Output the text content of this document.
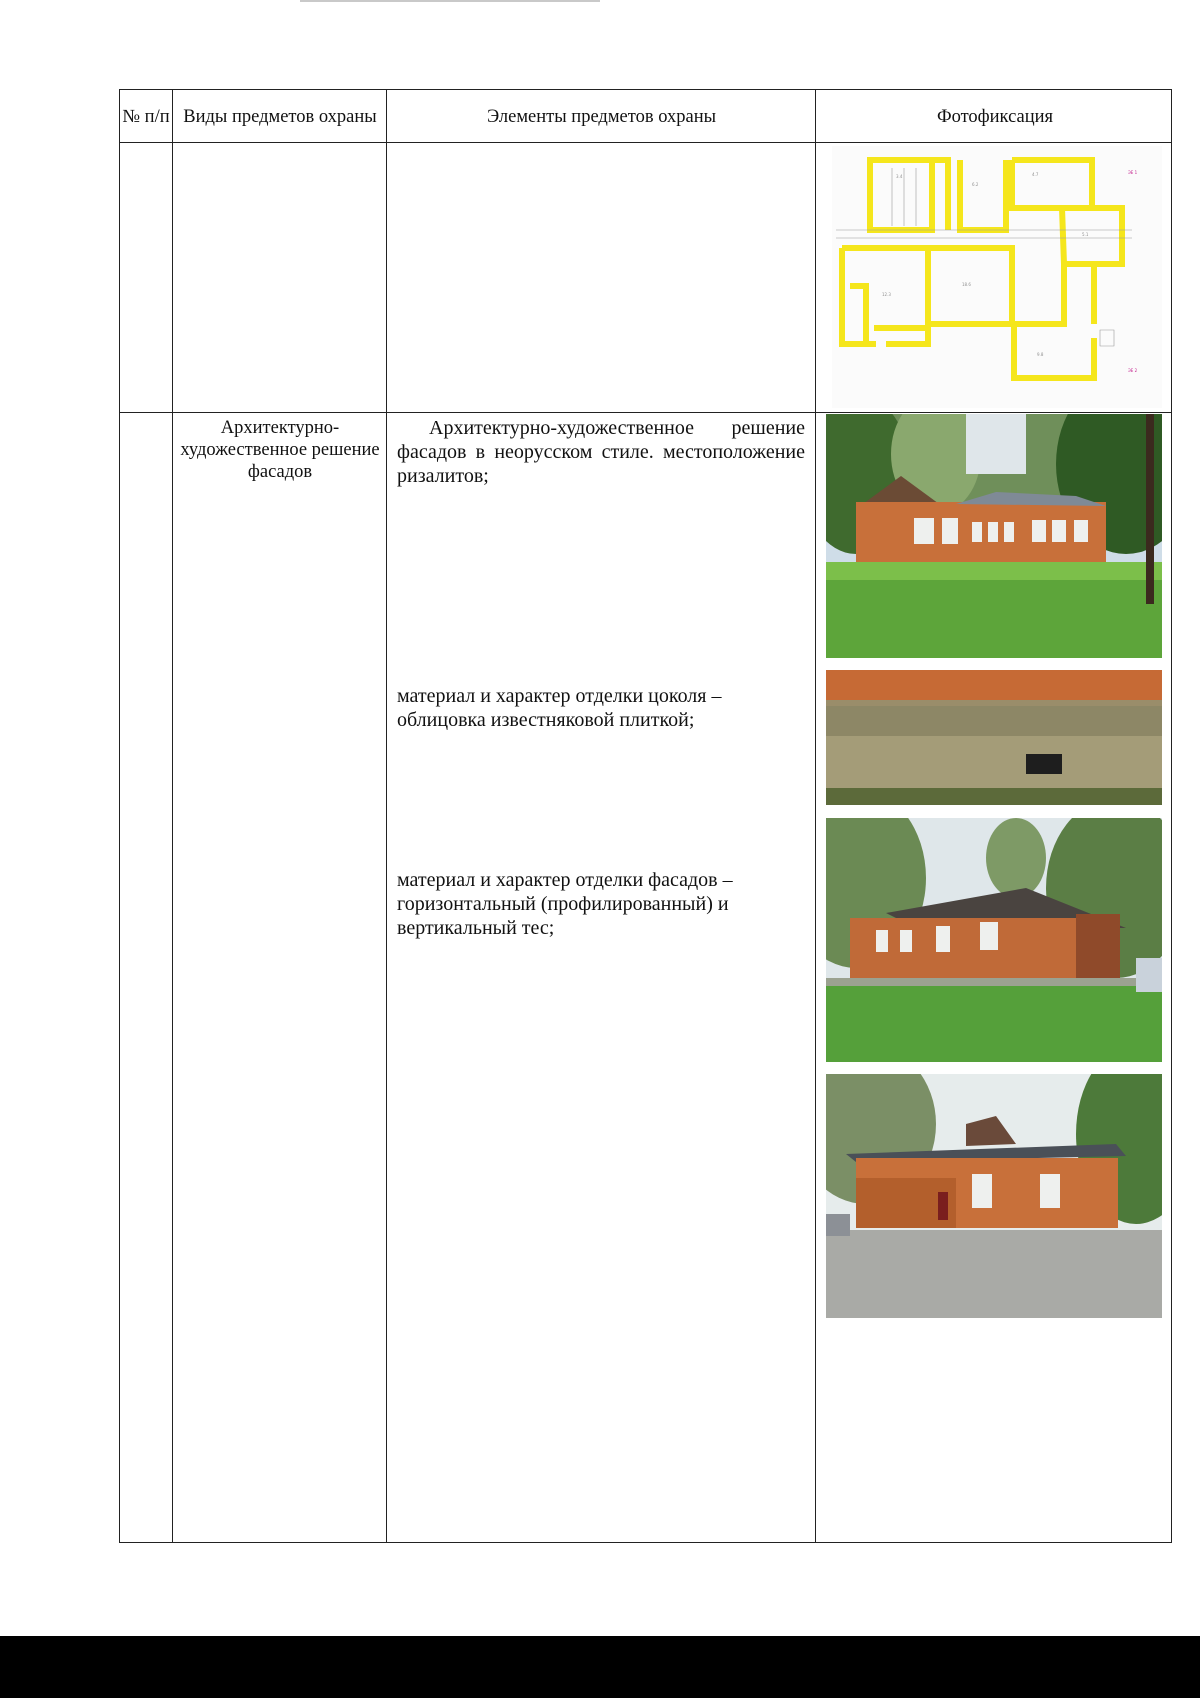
№ п/п Виды предметов охраны	Элементы предметов охраны	Фотофиксация
Архитектурно-художественное решение фасадов
Архитектурно-художественное решение фасадов в неорусском стиле. местоположение ризалитов;
материал и характер отделки цоколя – облицовка известняковой плиткой;
материал и характер отделки фасадов – горизонтальный (профилированный) и вертикальный тес;
3.4
6.2
4.7
5.1
12.3
18.6
9.8
ЭЕ 1
ЭЕ 2
